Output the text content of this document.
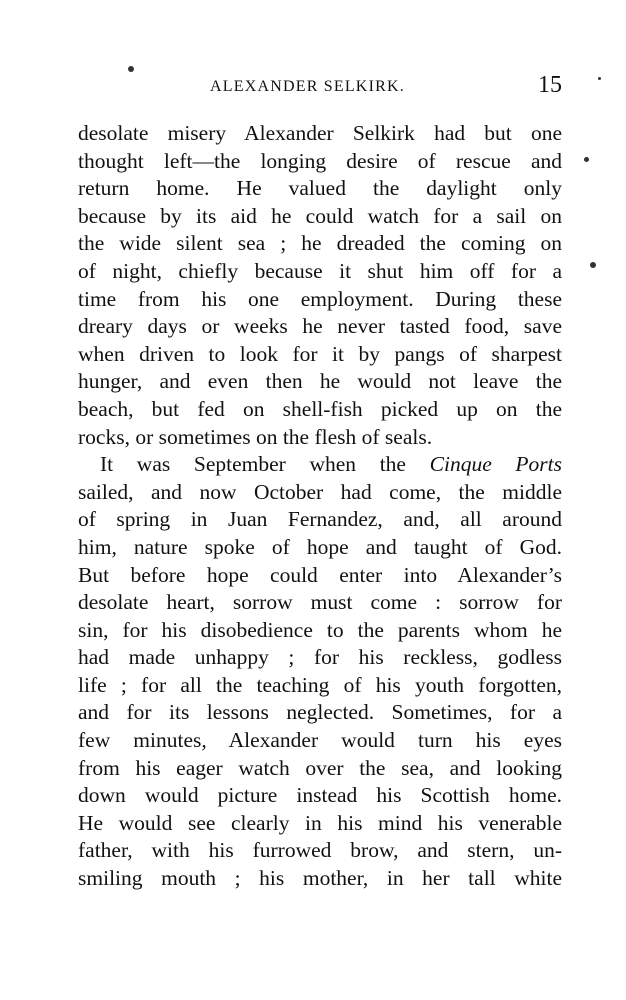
ALEXANDER SELKIRK.	15
desolate misery Alexander Selkirk had but one
thought left—the longing desire of rescue and
return home. He valued the daylight only
because by its aid he could watch for a sail on
the wide silent sea ; he dreaded the coming on
of night, chiefly because it shut him off for a
time from his one employment. During these
dreary days or weeks he never tasted food, save
when driven to look for it by pangs of sharpest
hunger, and even then he would not leave the
beach, but fed on shell-fish picked up on the
rocks, or sometimes on the flesh of seals.
It was September when the Cinque Ports
sailed, and now October had come, the middle
of spring in Juan Fernandez, and, all around
him, nature spoke of hope and taught of God.
But before hope could enter into Alexander’s
desolate heart, sorrow must come : sorrow for
sin, for his disobedience to the parents whom he
had made unhappy ; for his reckless, godless
life ; for all the teaching of his youth forgotten,
and for its lessons neglected. Sometimes, for a
few minutes, Alexander would turn his eyes
from his eager watch over the sea, and looking
down would picture instead his Scottish home.
He would see clearly in his mind his venerable
father, with his furrowed brow, and stern, un-
smiling mouth ; his mother, in her tall white
